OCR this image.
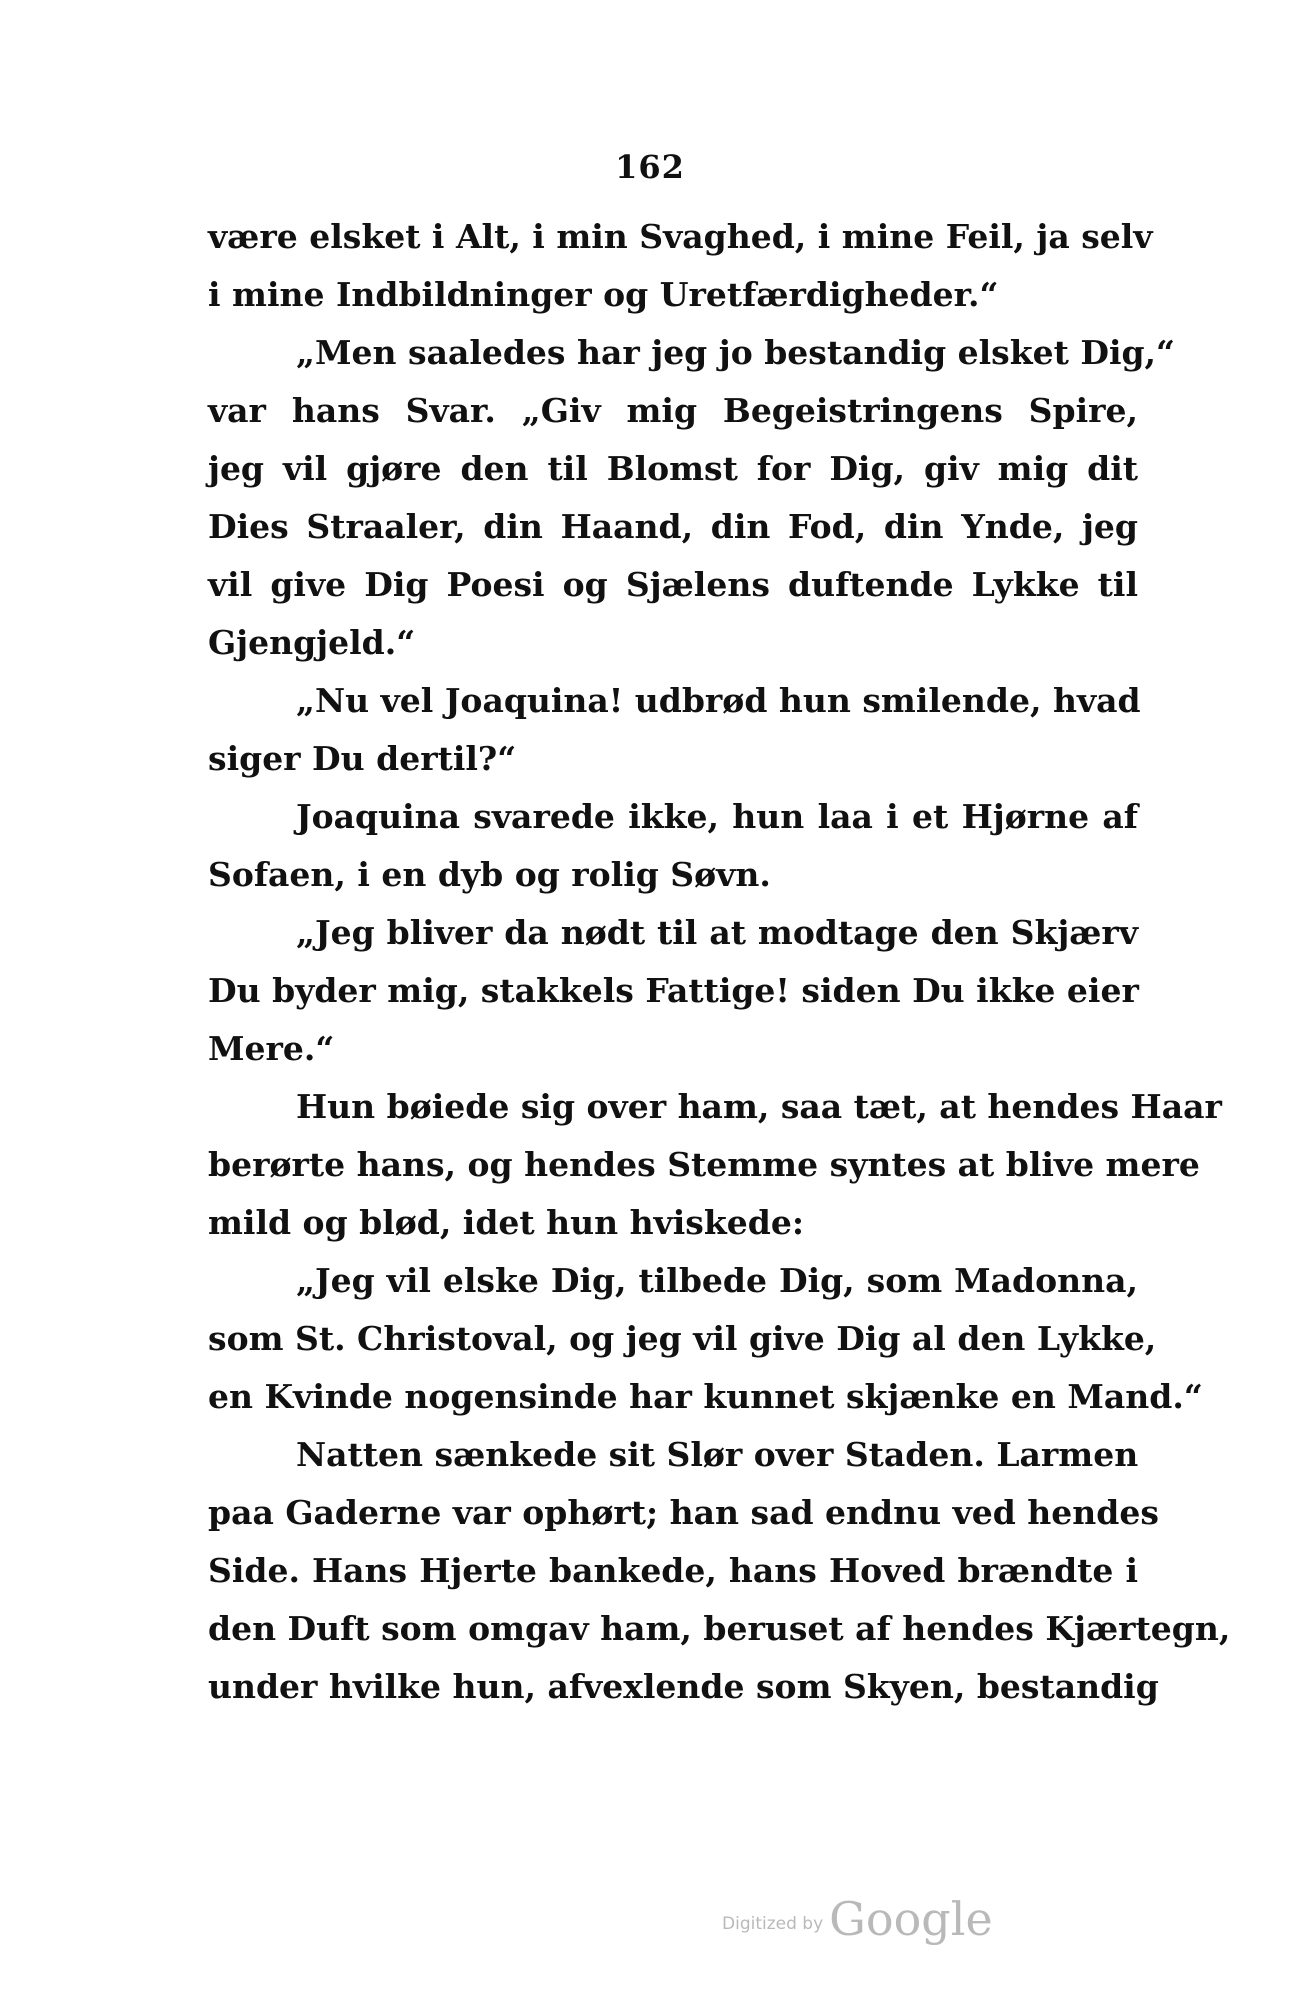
162
være elsket i Alt, i min Svaghed, i mine Feil, ja selv
i mine Indbildninger og Uretfærdigheder.“
„Men saaledes har jeg jo bestandig elsket Dig,“
var hans Svar. „Giv mig Begeistringens Spire,
jeg vil gjøre den til Blomst for Dig, giv mig dit
Dies Straaler, din Haand, din Fod, din Ynde, jeg
vil give Dig Poesi og Sjælens duftende Lykke til
Gjengjeld.“
„Nu vel Joaquina! udbrød hun smilende, hvad
siger Du dertil?“
Joaquina svarede ikke, hun laa i et Hjørne af
Sofaen, i en dyb og rolig Søvn.
„Jeg bliver da nødt til at modtage den Skjærv
Du byder mig, stakkels Fattige! siden Du ikke eier
Mere.“
Hun bøiede sig over ham, saa tæt, at hendes Haar
berørte hans, og hendes Stemme syntes at blive mere
mild og blød, idet hun hviskede:
„Jeg vil elske Dig, tilbede Dig, som Madonna,
som St. Christoval, og jeg vil give Dig al den Lykke,
en Kvinde nogensinde har kunnet skjænke en Mand.“
Natten sænkede sit Slør over Staden. Larmen
paa Gaderne var ophørt; han sad endnu ved hendes
Side. Hans Hjerte bankede, hans Hoved brændte i
den Duft som omgav ham, beruset af hendes Kjærtegn,
under hvilke hun, afvexlende som Skyen, bestandig
Digitized by Google
